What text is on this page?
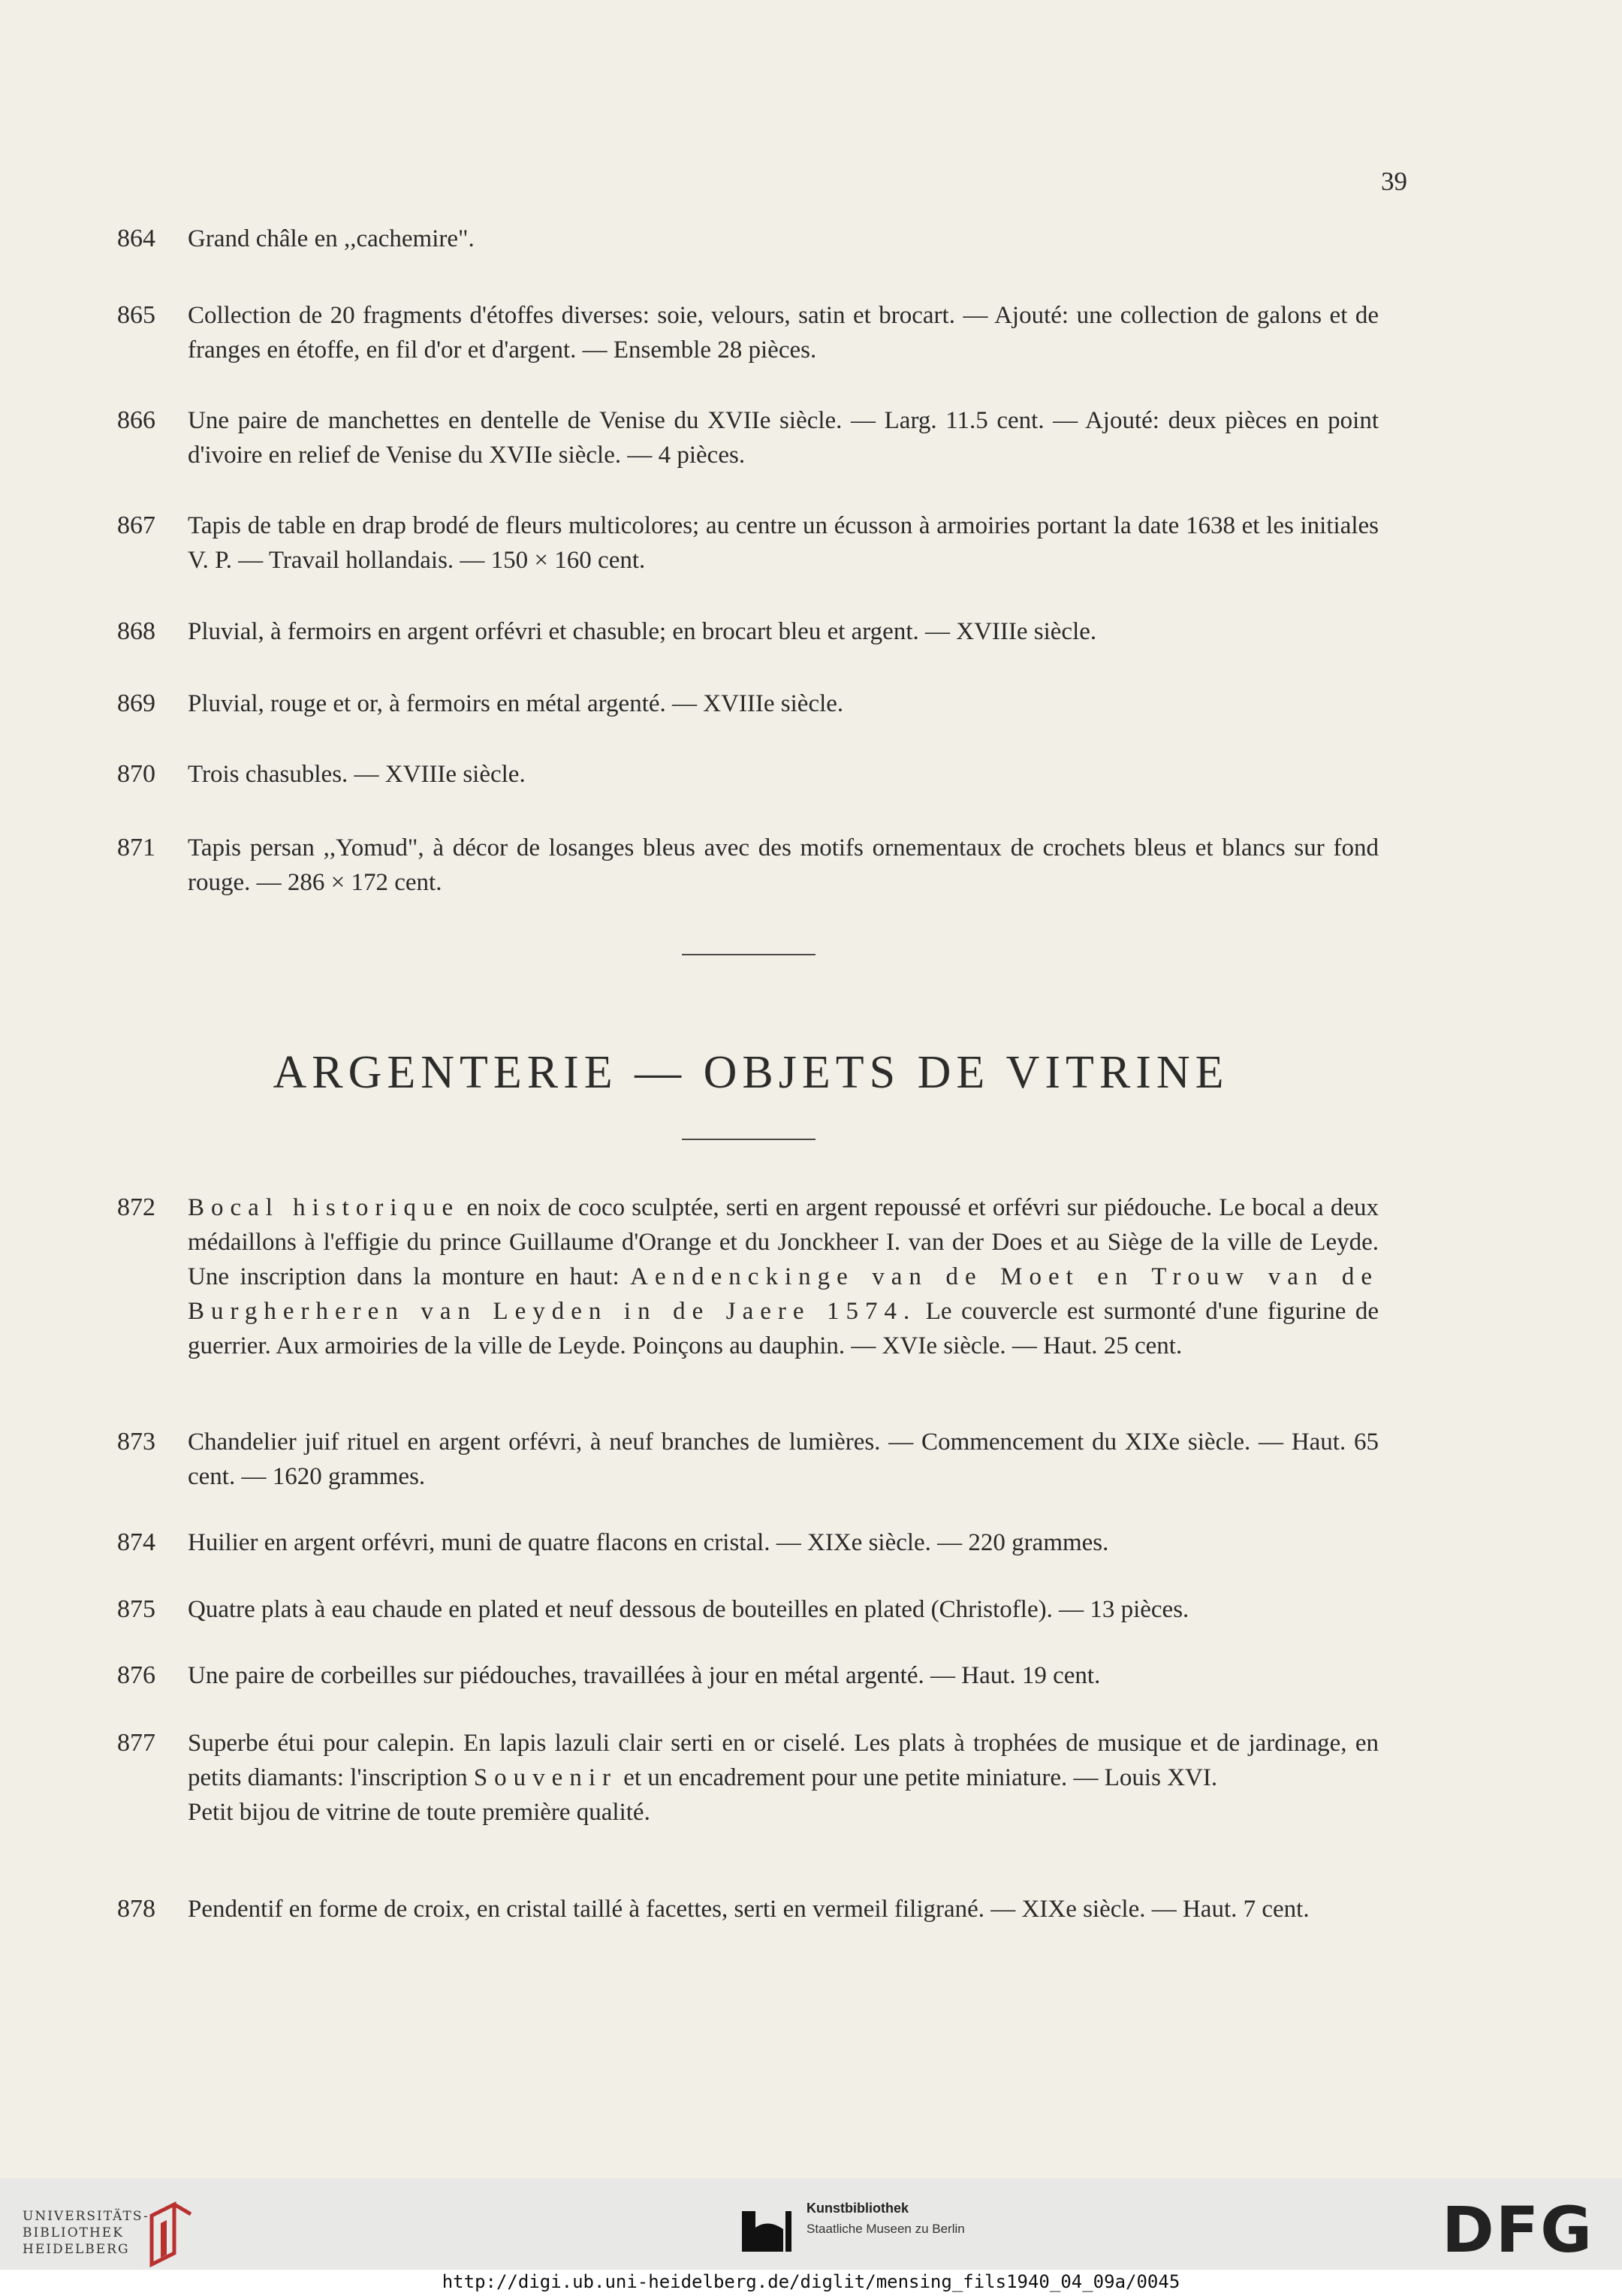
39
864	Grand châle en ,,cachemire".
865	Collection de 20 fragments d'étoffes diverses: soie, velours, satin et brocart. — Ajouté: une collection de galons et de franges en étoffe, en fil d'or et d'argent. — Ensemble 28 pièces.
866	Une paire de manchettes en dentelle de Venise du XVIIe siècle. — Larg. 11.5 cent. — Ajouté: deux pièces en point d'ivoire en relief de Venise du XVIIe siècle. — 4 pièces.
867	Tapis de table en drap brodé de fleurs multicolores; au centre un écusson à armoiries portant la date 1638 et les initiales V. P. — Travail hollandais. — 150 × 160 cent.
868	Pluvial, à fermoirs en argent orfévri et chasuble; en brocart bleu et argent. — XVIIIe siècle.
869	Pluvial, rouge et or, à fermoirs en métal argenté. — XVIIIe siècle.
870	Trois chasubles. — XVIIIe siècle.
871	Tapis persan ,,Yomud", à décor de losanges bleus avec des motifs ornementaux de crochets bleus et blancs sur fond rouge. — 286 × 172 cent.
ARGENTERIE — OBJETS DE VITRINE
872	Bocal historique en noix de coco sculptée, serti en argent repoussé et orfévri sur piédouche. Le bocal a deux médaillons à l'effigie du prince Guillaume d'Orange et du Jonckheer I. van der Does et au Siège de la ville de Leyde. Une inscription dans la monture en haut: Aendenckinge van de Moet en Trouw van de Burgherheren van Leyden in de Jaere 1574. Le couvercle est surmonté d'une figurine de guerrier. Aux armoiries de la ville de Leyde. Poinçons au dauphin. — XVIe siècle. — Haut. 25 cent.
873	Chandelier juif rituel en argent orfévri, à neuf branches de lumières. — Commencement du XIXe siècle. — Haut. 65 cent. — 1620 grammes.
874	Huilier en argent orfévri, muni de quatre flacons en cristal. — XIXe siècle. — 220 grammes.
875	Quatre plats à eau chaude en plated et neuf dessous de bouteilles en plated (Christofle). — 13 pièces.
876	Une paire de corbeilles sur piédouches, travaillées à jour en métal argenté. — Haut. 19 cent.
877	Superbe étui pour calepin. En lapis lazuli clair serti en or ciselé. Les plats à trophées de musique et de jardinage, en petits diamants: l'inscription Souvenir et un encadrement pour une petite miniature. — Louis XVI.

Petit bijou de vitrine de toute première qualité.

878	Pendentif en forme de croix, en cristal taillé à facettes, serti en vermeil filigrané. — XIXe siècle. — Haut. 7 cent.
UNIVERSITÄTS-
BIBLIOTHEK
HEIDELBERG
Kunstbibliothek
Staatliche Museen zu Berlin	DFG
http://digi.ub.uni-heidelberg.de/diglit/mensing_fils1940_04_09a/0045
